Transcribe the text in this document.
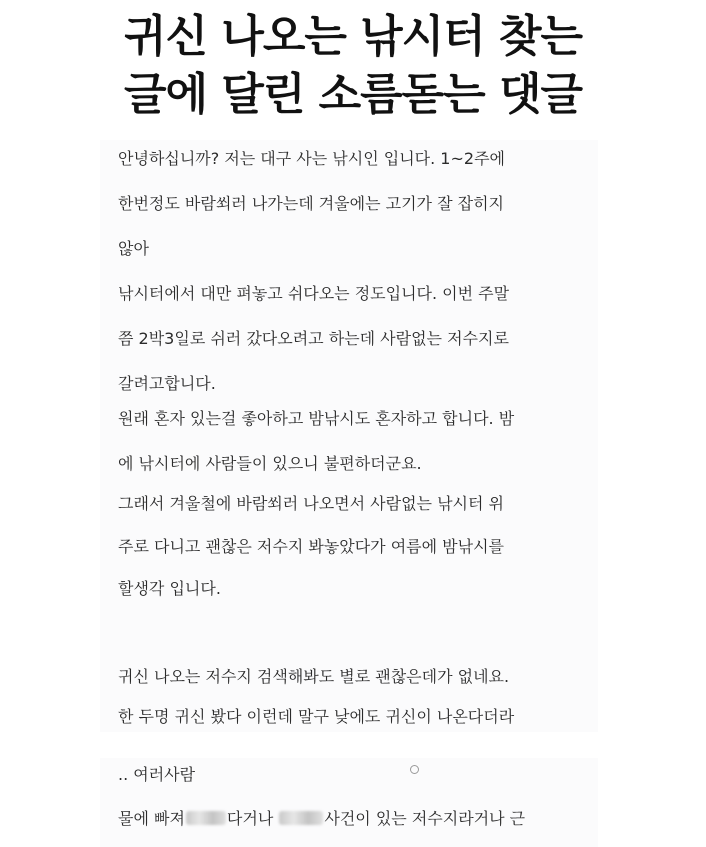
귀신 나오는 낚시터 찾는
글에 달린 소름돋는 댓글
안녕하십니까? 저는 대구 사는 낚시인 입니다. 1~2주에
한번정도 바람쐬러 나가는데 겨울에는 고기가 잘 잡히지
않아
낚시터에서 대만 펴놓고 쉬다오는 정도입니다. 이번 주말
쯤 2박3일로 쉬러 갔다오려고 하는데 사람없는 저수지로
갈려고합니다.
원래 혼자 있는걸 좋아하고 밤낚시도 혼자하고 합니다. 밤
에 낚시터에 사람들이 있으니 불편하더군요.
그래서 겨울철에 바람쐬러 나오면서 사람없는 낚시터 위
주로 다니고 괜찮은 저수지 봐놓았다가 여름에 밤낚시를
할생각 입니다.
귀신 나오는 저수지 검색해봐도 별로 괜찮은데가 없네요.
한 두명 귀신 봤다 이런데 말구 낮에도 귀신이 나온다더라
.. 여러사람
물에 빠져	다거나	사건이 있는 저수지라거나 근
